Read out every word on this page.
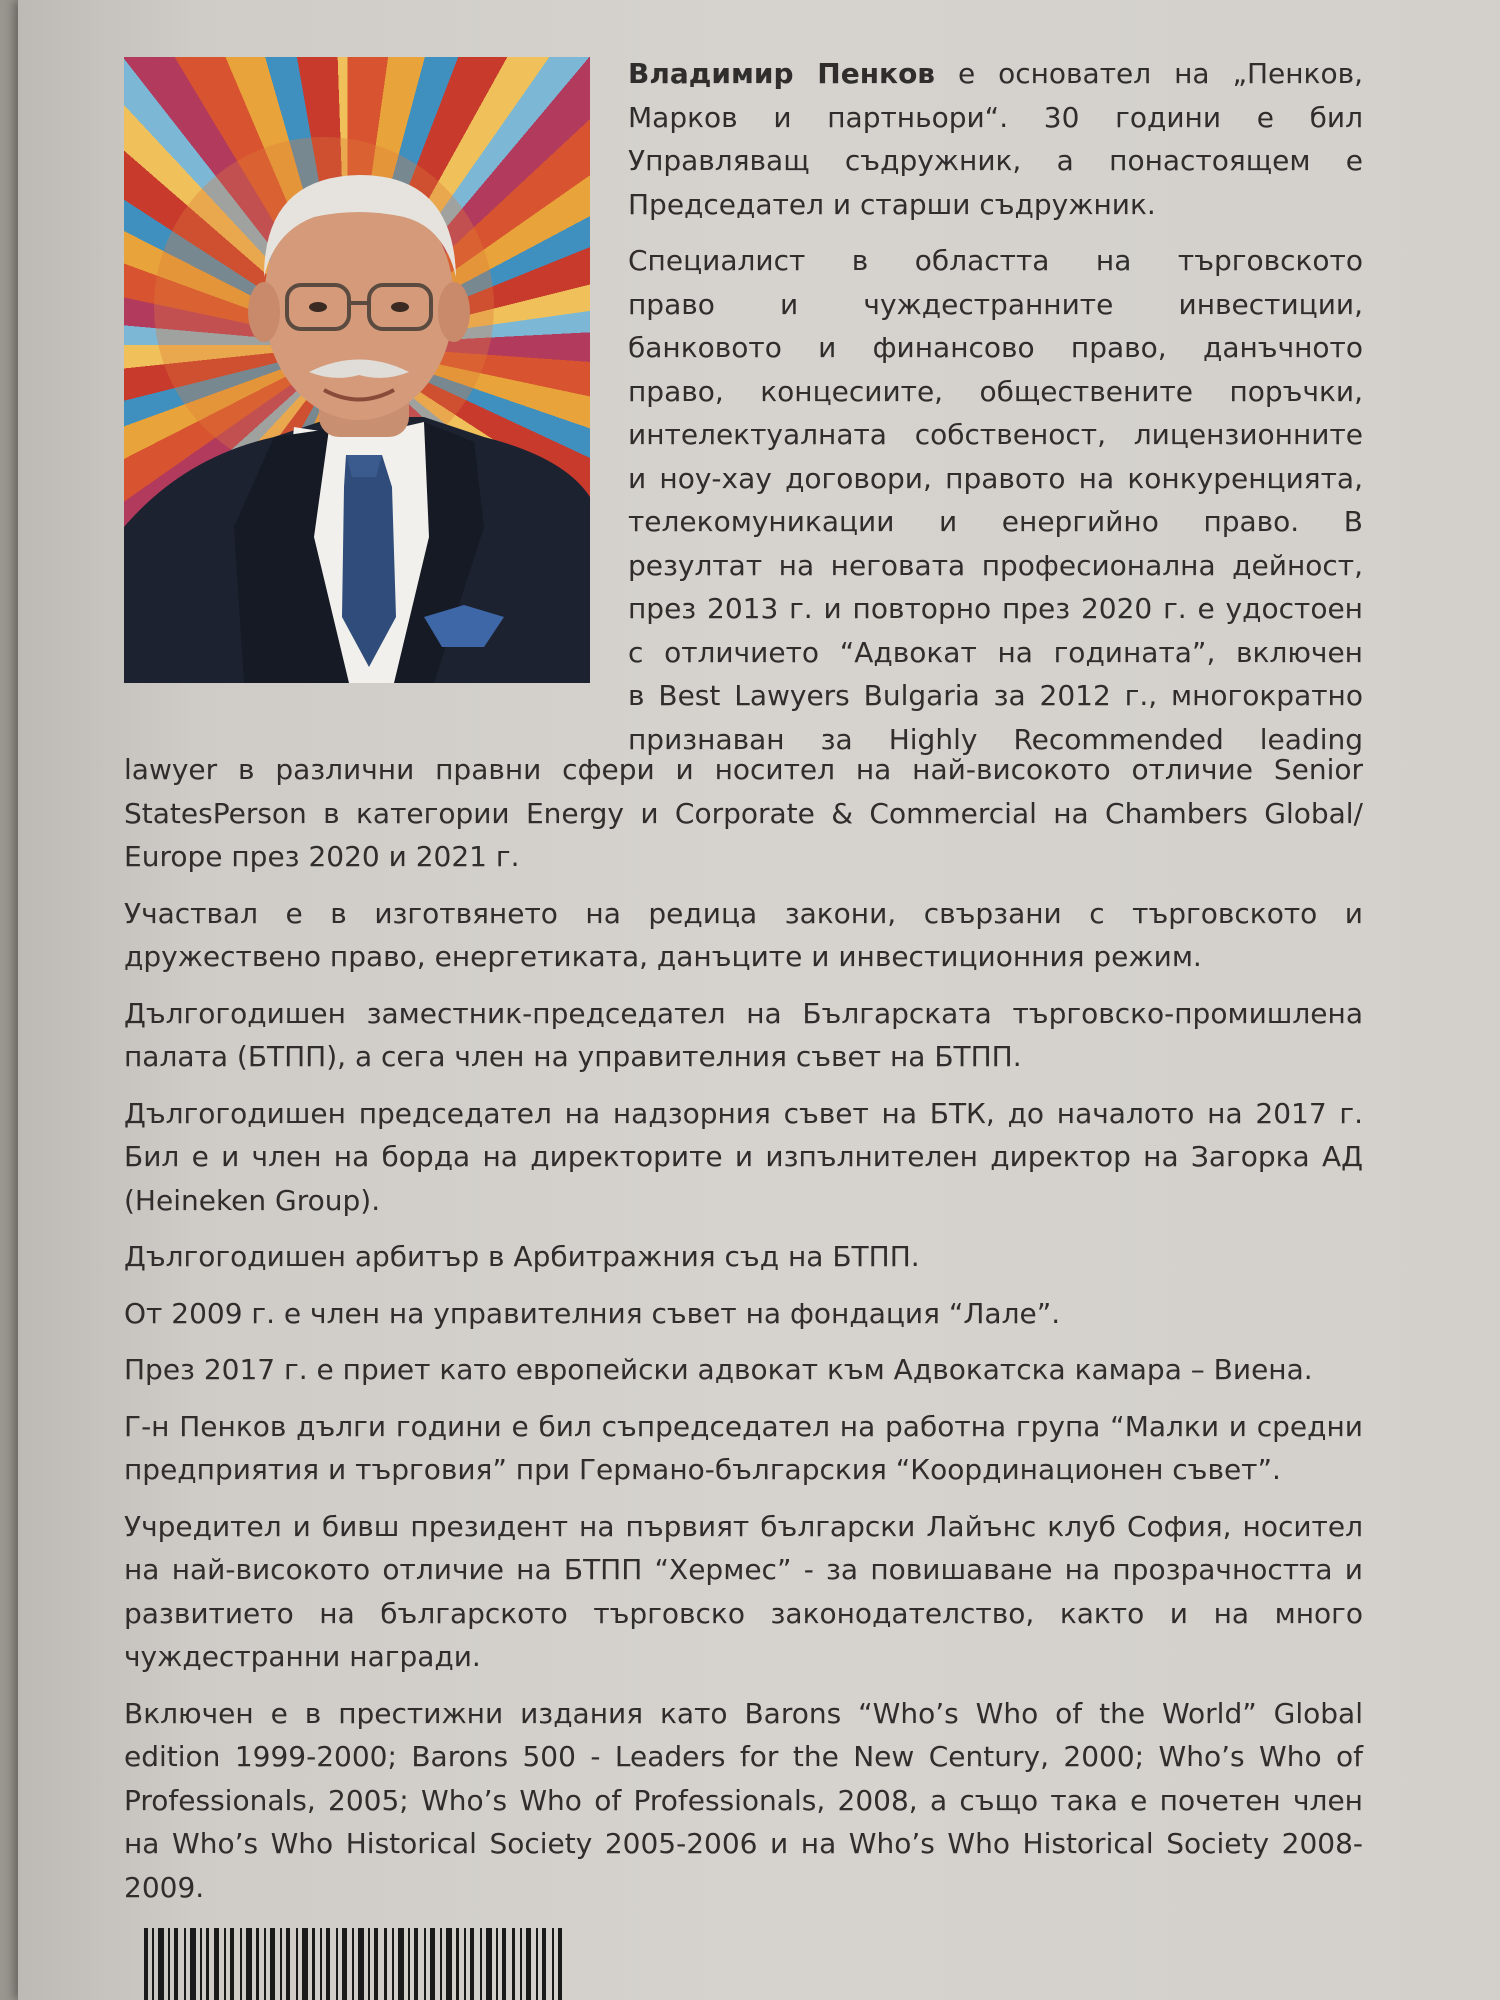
Владимир Пенков е основател на „Пенков, Марков и партньори“. 30 години е бил Управляващ съдружник, а понастоящем е Председател и старши съдружник.

Специалист в областта на търговското
право и чуждестранните инвестиции,
банковото и финансово право, данъчното
право, концесиите, обществените поръчки,
интелектуалната собственост, лицензионните
и ноу-хау договори, правото на конкуренцията,
телекомуникации и енергийно право. В
резултат на неговата професионална дейност,
през 2013 г. и повторно през 2020 г. е удостоен
с отличието “Адвокат на годината”, включен
в Best Lawyers Bulgaria за 2012 г., многократно
признаван за Highly Recommended leading

lawyer в различни правни сфери и носител на най-високото отличие Senior StatesPerson в категории Energy и Corporate & Commercial на Chambers Global/ Europe през 2020 и 2021 г.

Участвал е в изготвянето на редица закони, свързани с търговското и дружествено право, енергетиката, данъците и инвестиционния режим.

Дългогодишен заместник-председател на Българската търговско-промишлена палата (БТПП), а сега член на управителния съвет на БТПП.

Дългогодишен председател на надзорния съвет на БТК, до началото на 2017 г. Бил е и член на борда на директорите и изпълнителен директор на Загорка АД (Heineken Group).

Дългогодишен арбитър в Арбитражния съд на БТПП.

От 2009 г. е член на управителния съвет на фондация “Лале”.

През 2017 г. е приет като европейски адвокат към Адвокатска камара – Виена.

Г-н Пенков дълги години е бил съпредседател на работна група “Малки и средни предприятия и търговия” при Германо-българския “Координационен съвет”.

Учредител и бивш президент на първият български Лайънс клуб София, носител на най-високото отличие на БТПП “Хермес” - за повишаване на прозрачността и развитието на българското търговско законодателство, както и на много чуждестранни награди.

Включен е в престижни издания като Barons “Who’s Who of the World” Global edition 1999-2000; Barons 500 - Leaders for the New Century, 2000; Who’s Who of Professionals, 2005; Who’s Who of Professionals, 2008, а също така е почетен член на Who’s Who Historical Society 2005-2006 и на Who’s Who Historical Society 2008-2009.
